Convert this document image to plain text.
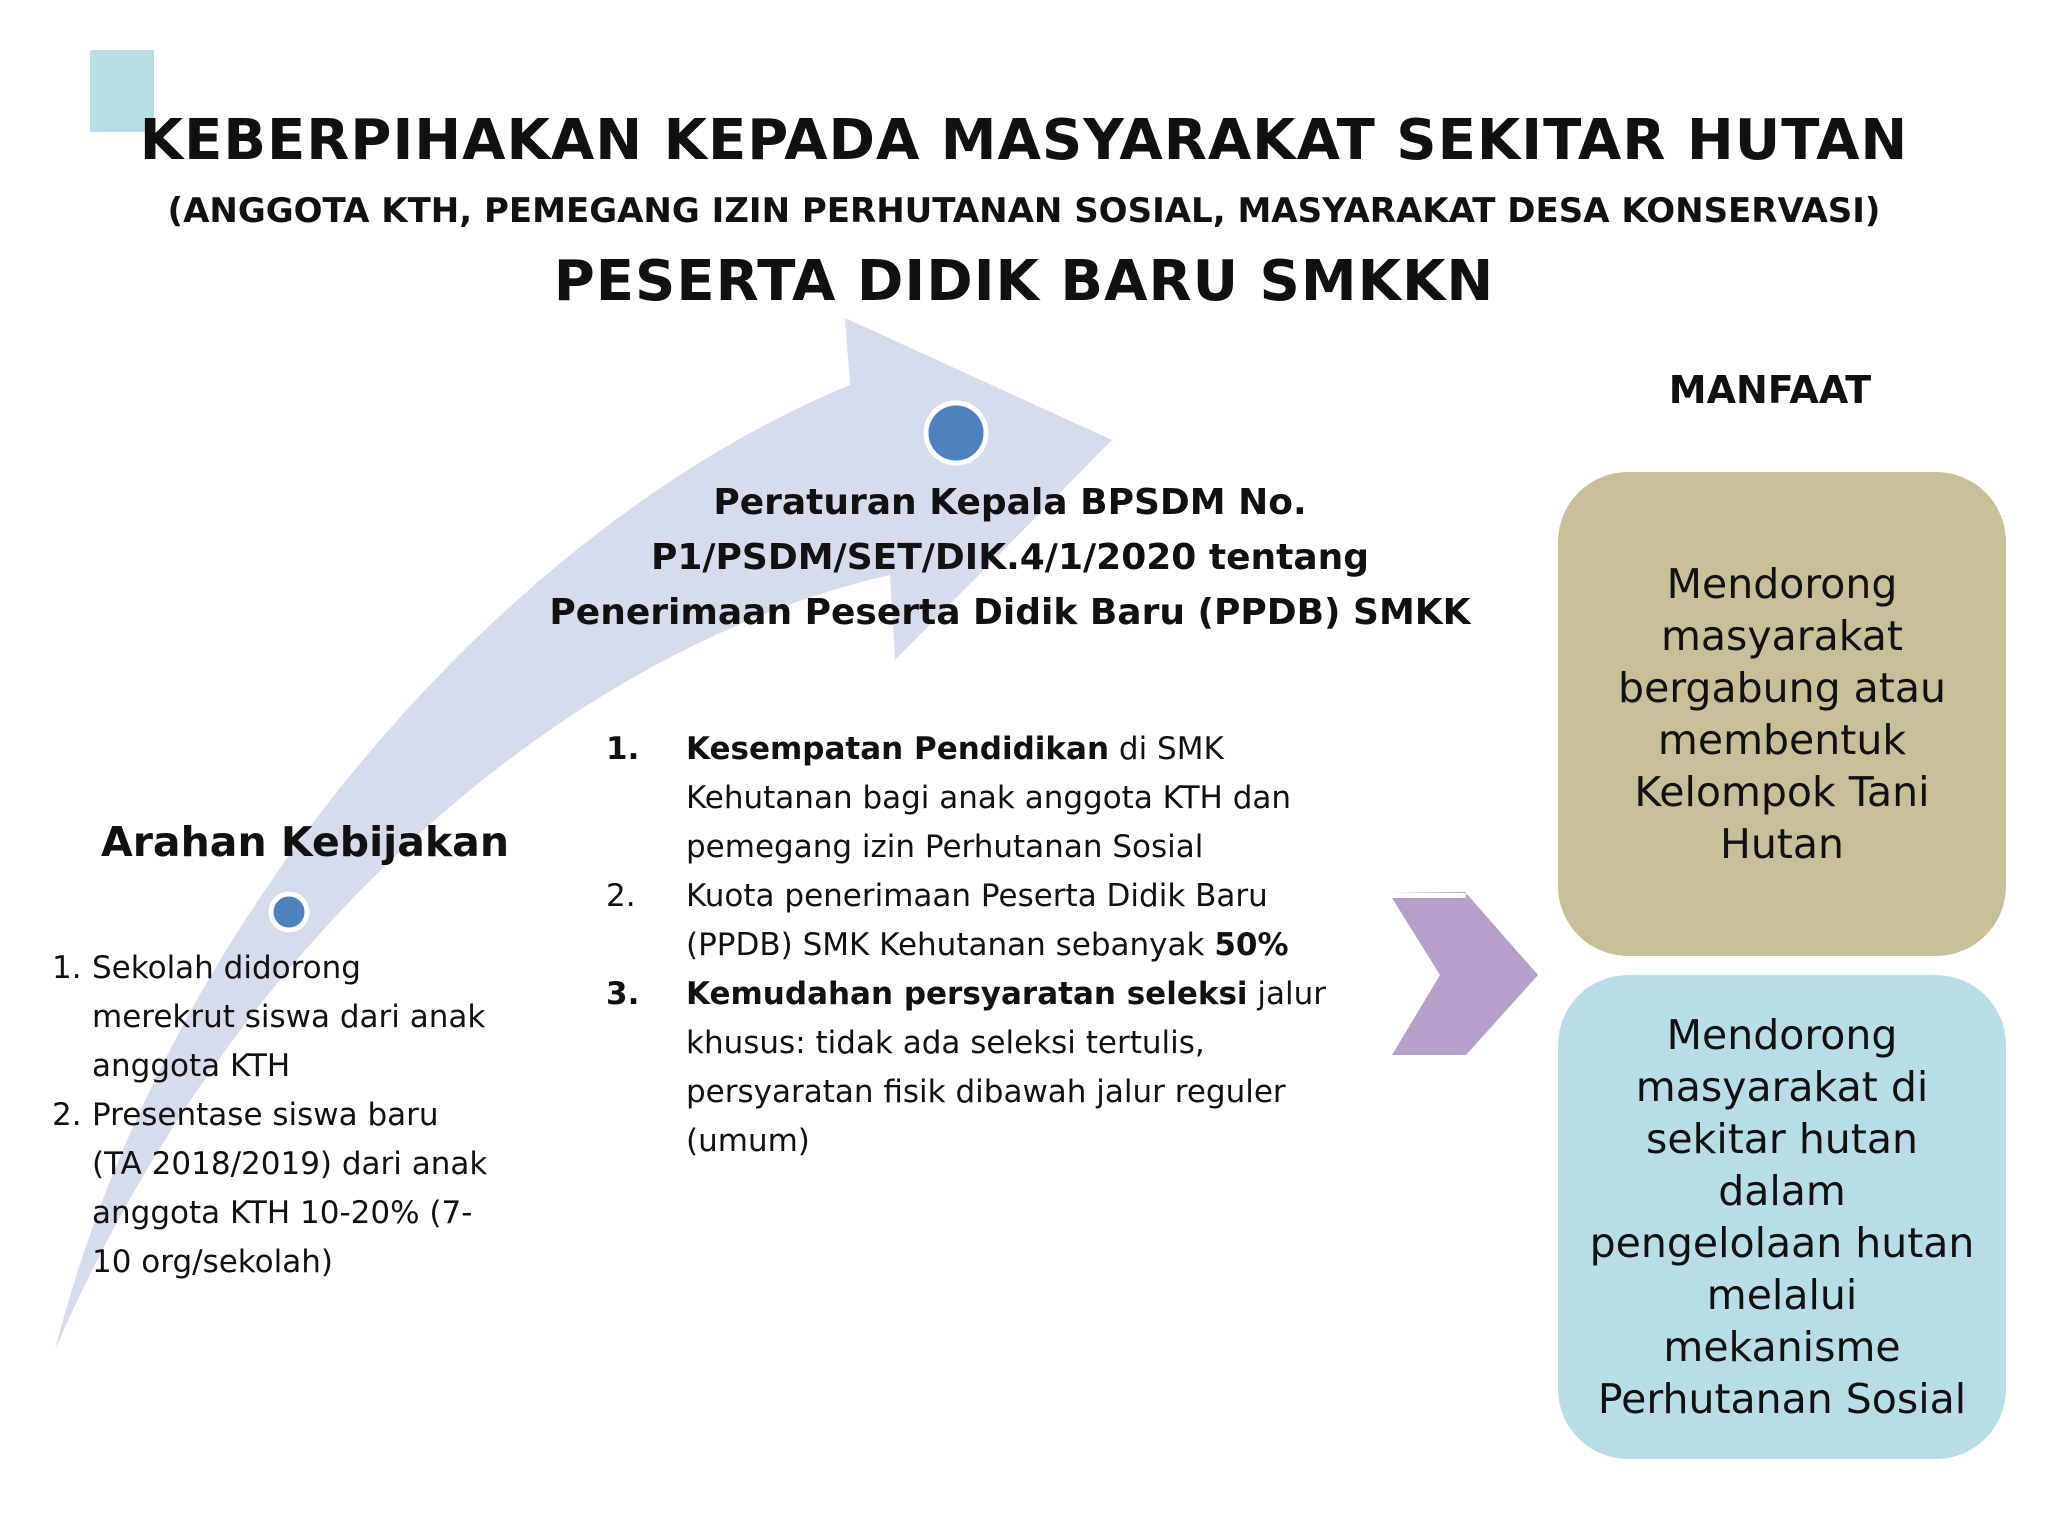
KEBERPIHAKAN KEPADA MASYARAKAT SEKITAR HUTAN
(ANGGOTA KTH, PEMEGANG IZIN PERHUTANAN SOSIAL, MASYARAKAT DESA KONSERVASI)
PESERTA DIDIK BARU SMKKN
MANFAAT
Peraturan Kepala BPSDM No.
P1/PSDM/SET/DIK.4/1/2020 tentang
Penerimaan Peserta Didik Baru (PPDB) SMKK
Arahan Kebijakan
1. Sekolah didorong merekrut siswa dari anak anggota KTH
2. Presentase siswa baru (TA 2018/2019) dari anak anggota KTH 10-20% (7-10 org/sekolah)
1. Kesempatan Pendidikan di SMK Kehutanan bagi anak anggota KTH dan pemegang izin Perhutanan Sosial
2. Kuota penerimaan Peserta Didik Baru (PPDB) SMK Kehutanan sebanyak 50%
3. Kemudahan persyaratan seleksi jalur khusus: tidak ada seleksi tertulis, persyaratan fisik dibawah jalur reguler (umum)
Mendorong masyarakat bergabung atau membentuk Kelompok Tani Hutan
Mendorong masyarakat di sekitar hutan dalam pengelolaan hutan melalui mekanisme Perhutanan Sosial
